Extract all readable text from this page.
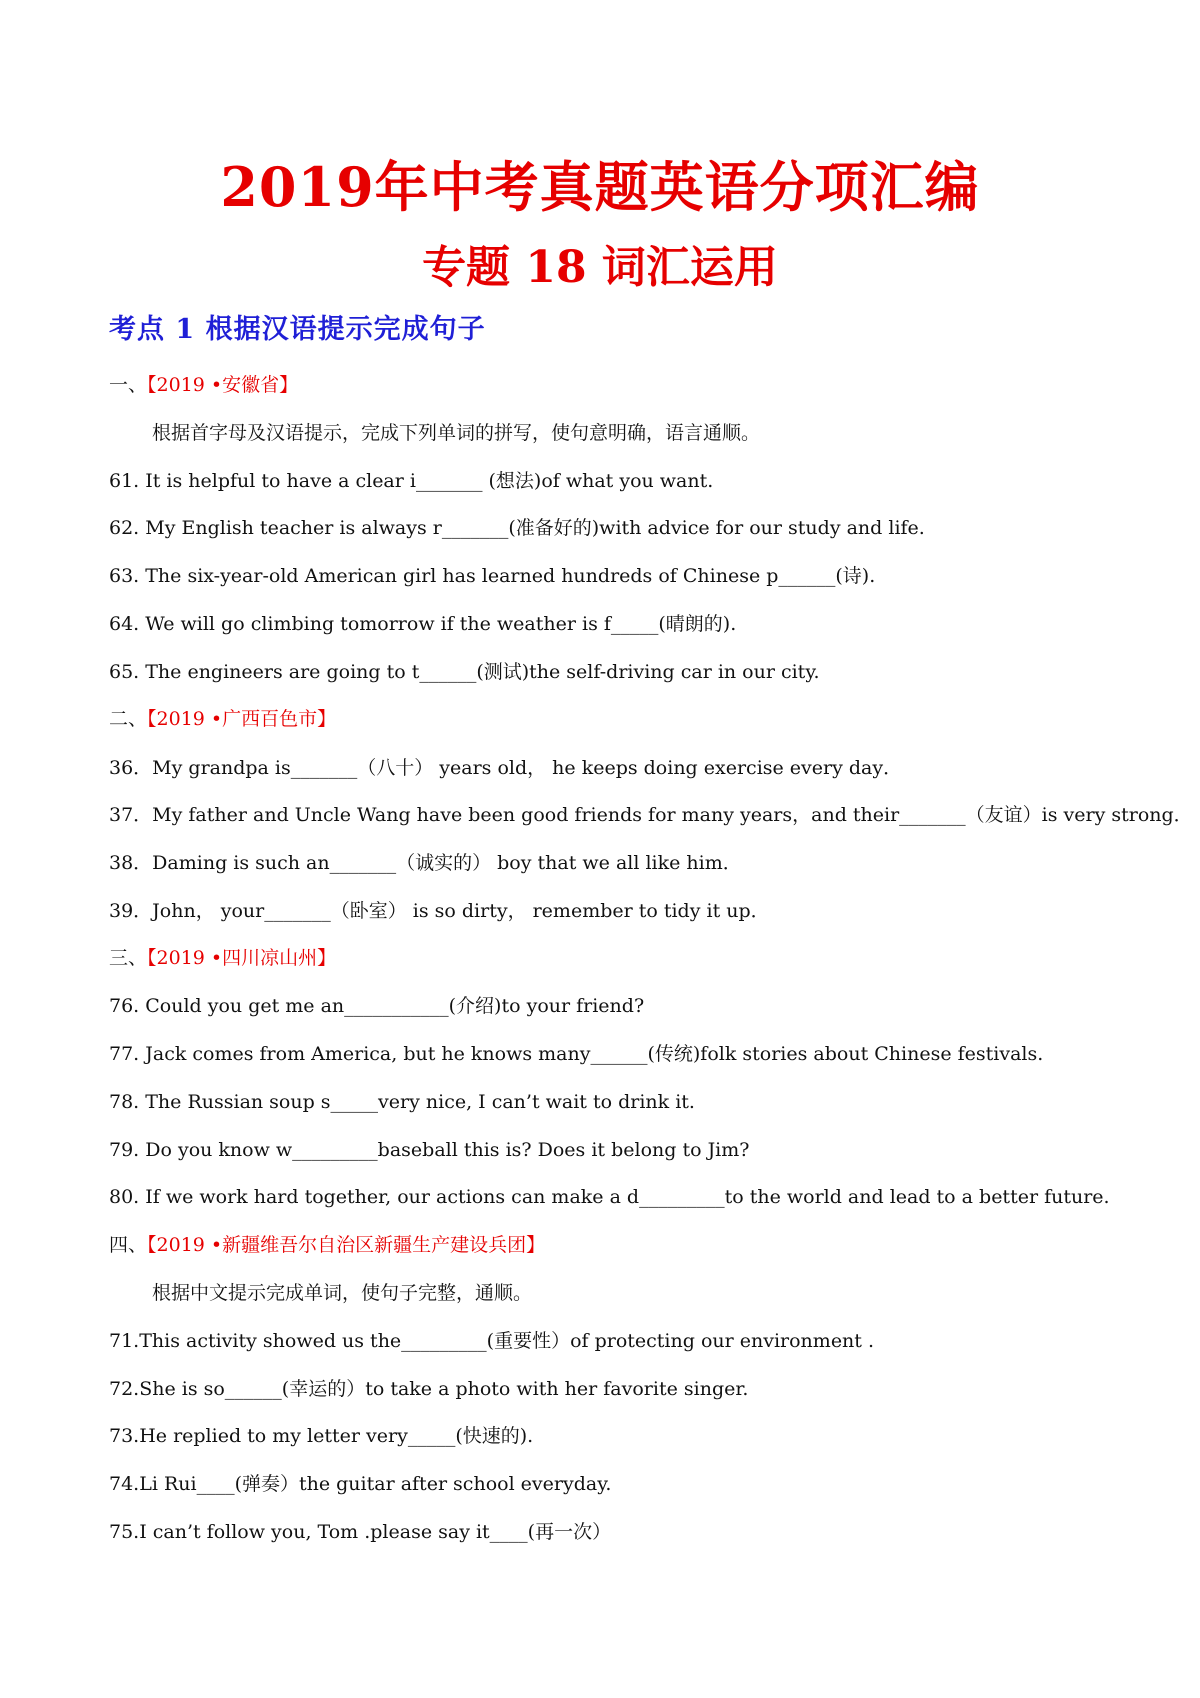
2019年中考真题英语分项汇编
专题 18 词汇运用
考点 1 根据汉语提示完成句子
一、【2019 •安徽省】
根据首字母及汉语提示，完成下列单词的拼写，使句意明确，语言通顺。
61. It is helpful to have a clear i_______ (想法)of what you want.
62. My English teacher is always r_______(准备好的)with advice for our study and life.
63. The six-year-old American girl has learned hundreds of Chinese p______(诗).
64. We will go climbing tomorrow if the weather is f_____(晴朗的).
65. The engineers are going to t______(测试)the self-driving car in our city.
二、【2019 •广西百色市】
36．My grandpa is_______（八十） years old， he keeps doing exercise every day．
37．My father and Uncle Wang have been good friends for many years，and their_______（友谊）is very strong．
38．Daming is such an_______（诚实的） boy that we all like him．
39．John， your_______（卧室） is so dirty， remember to tidy it up．
三、【2019 •四川凉山州】
76. Could you get me an___________(介绍)to your friend?
77. Jack comes from America, but he knows many______(传统)folk stories about Chinese festivals.
78. The Russian soup s_____very nice, I can’t wait to drink it.
79. Do you know w_________baseball this is? Does it belong to Jim?
80. If we work hard together, our actions can make a d_________to the world and lead to a better future.
四、【2019 •新疆维吾尔自治区新疆生产建设兵团】
根据中文提示完成单词，使句子完整，通顺。
71.This activity showed us the_________(重要性）of protecting our environment .
72.She is so______(幸运的）to take a photo with her favorite singer.
73.He replied to my letter very_____(快速的).
74.Li Rui____(弹奏）the guitar after school everyday.
75.I can’t follow you, Tom .please say it____(再一次）
